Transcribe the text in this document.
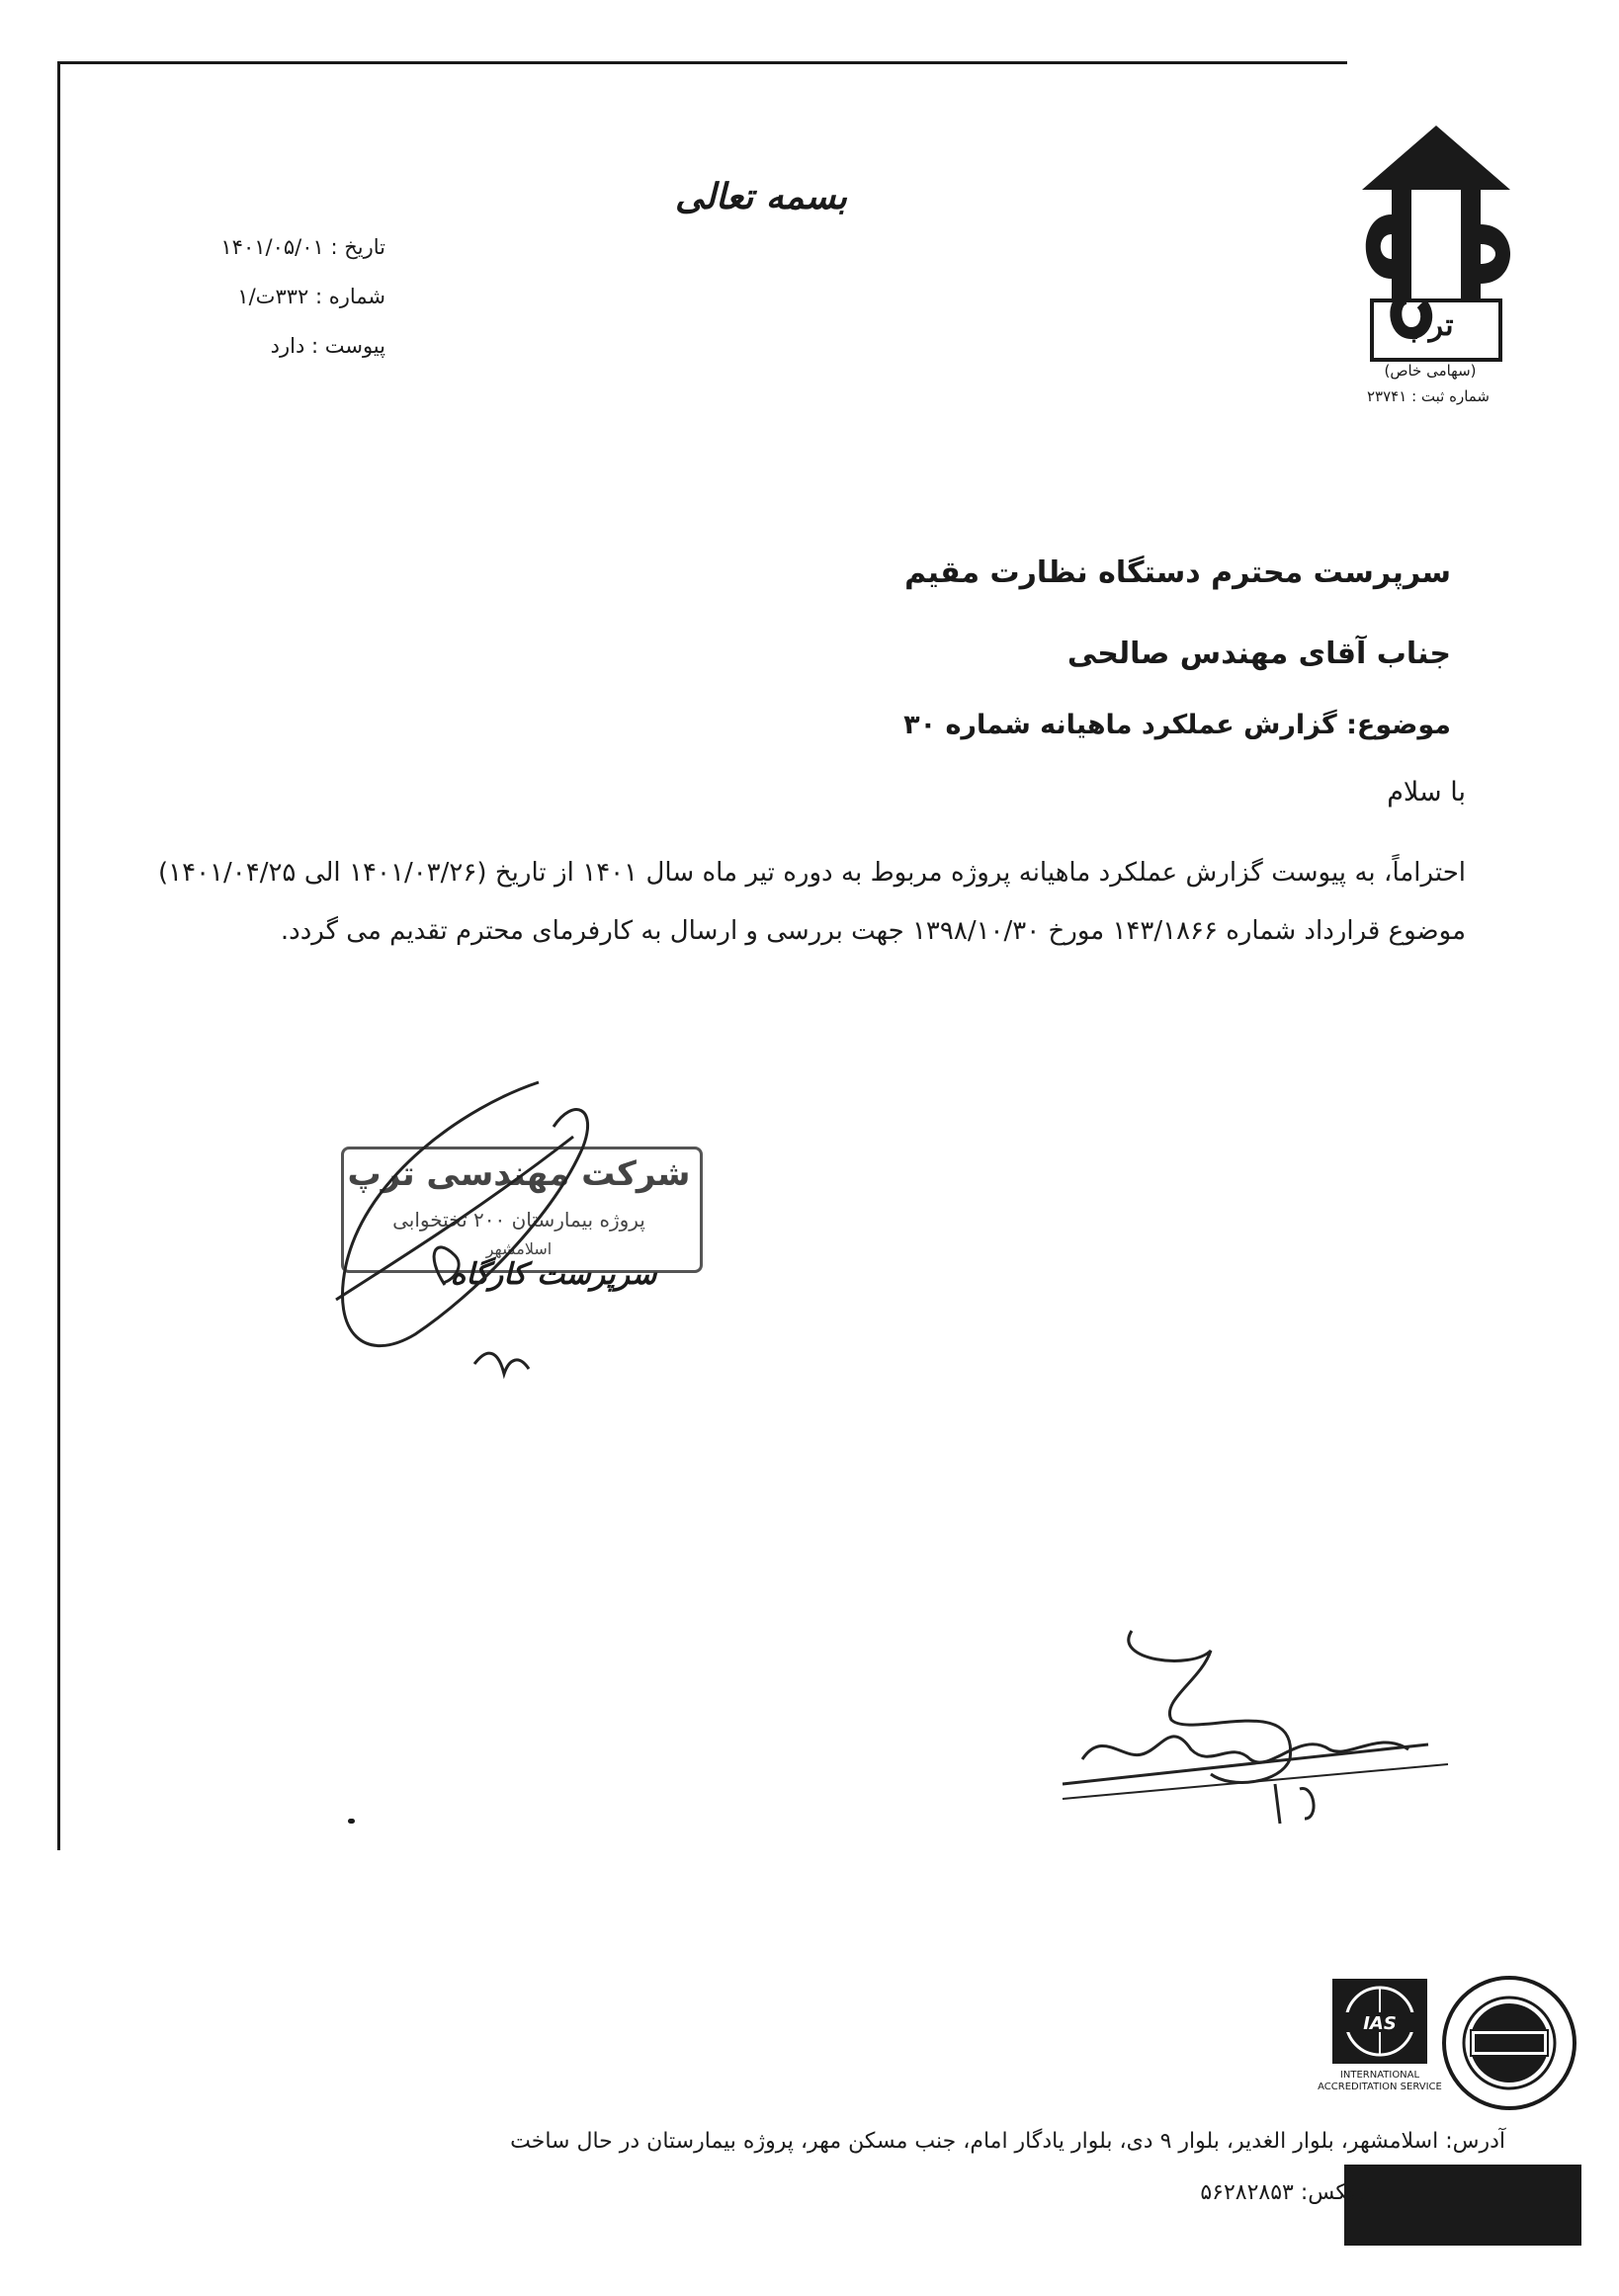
ترپ
(سهامی خاص)
شماره ثبت : ۲۳۷۴۱
بسمه تعالی
تاریخ : ۱۴۰۱/۰۵/۰۱
شماره : ۳۳۲ت/۱
پیوست : دارد
سرپرست محترم دستگاه نظارت مقیم
جناب آقای مهندس صالحی
موضوع: گزارش عملکرد ماهیانه شماره ۳۰
با سلام
احتراماً، به پیوست گزارش عملکرد ماهیانه پروژه مربوط به دوره تیر ماه سال ۱۴۰۱ از تاریخ (۱۴۰۱/۰۳/۲۶ الی ۱۴۰۱/۰۴/۲۵) موضوع قرارداد شماره ۱۴۳/۱۸۶۶ مورخ ۱۳۹۸/۱۰/۳۰ جهت بررسی و ارسال به کارفرمای محترم تقدیم می گردد.
شرکت مهندسی ترپ
پروژه بیمارستان ۲۰۰ تختخوابی
اسلامشهر
سرپرست کارگاه
IAS
INTERNATIONAL ACCREDITATION SERVICE
آدرس: اسلامشهر، بلوار الغدیر، بلوار ۹ دی، بلوار یادگار امام، جنب مسکن مهر، پروژه بیمارستان در حال ساخت
تلفکس: ۵۶۲۸۲۸۵۳
